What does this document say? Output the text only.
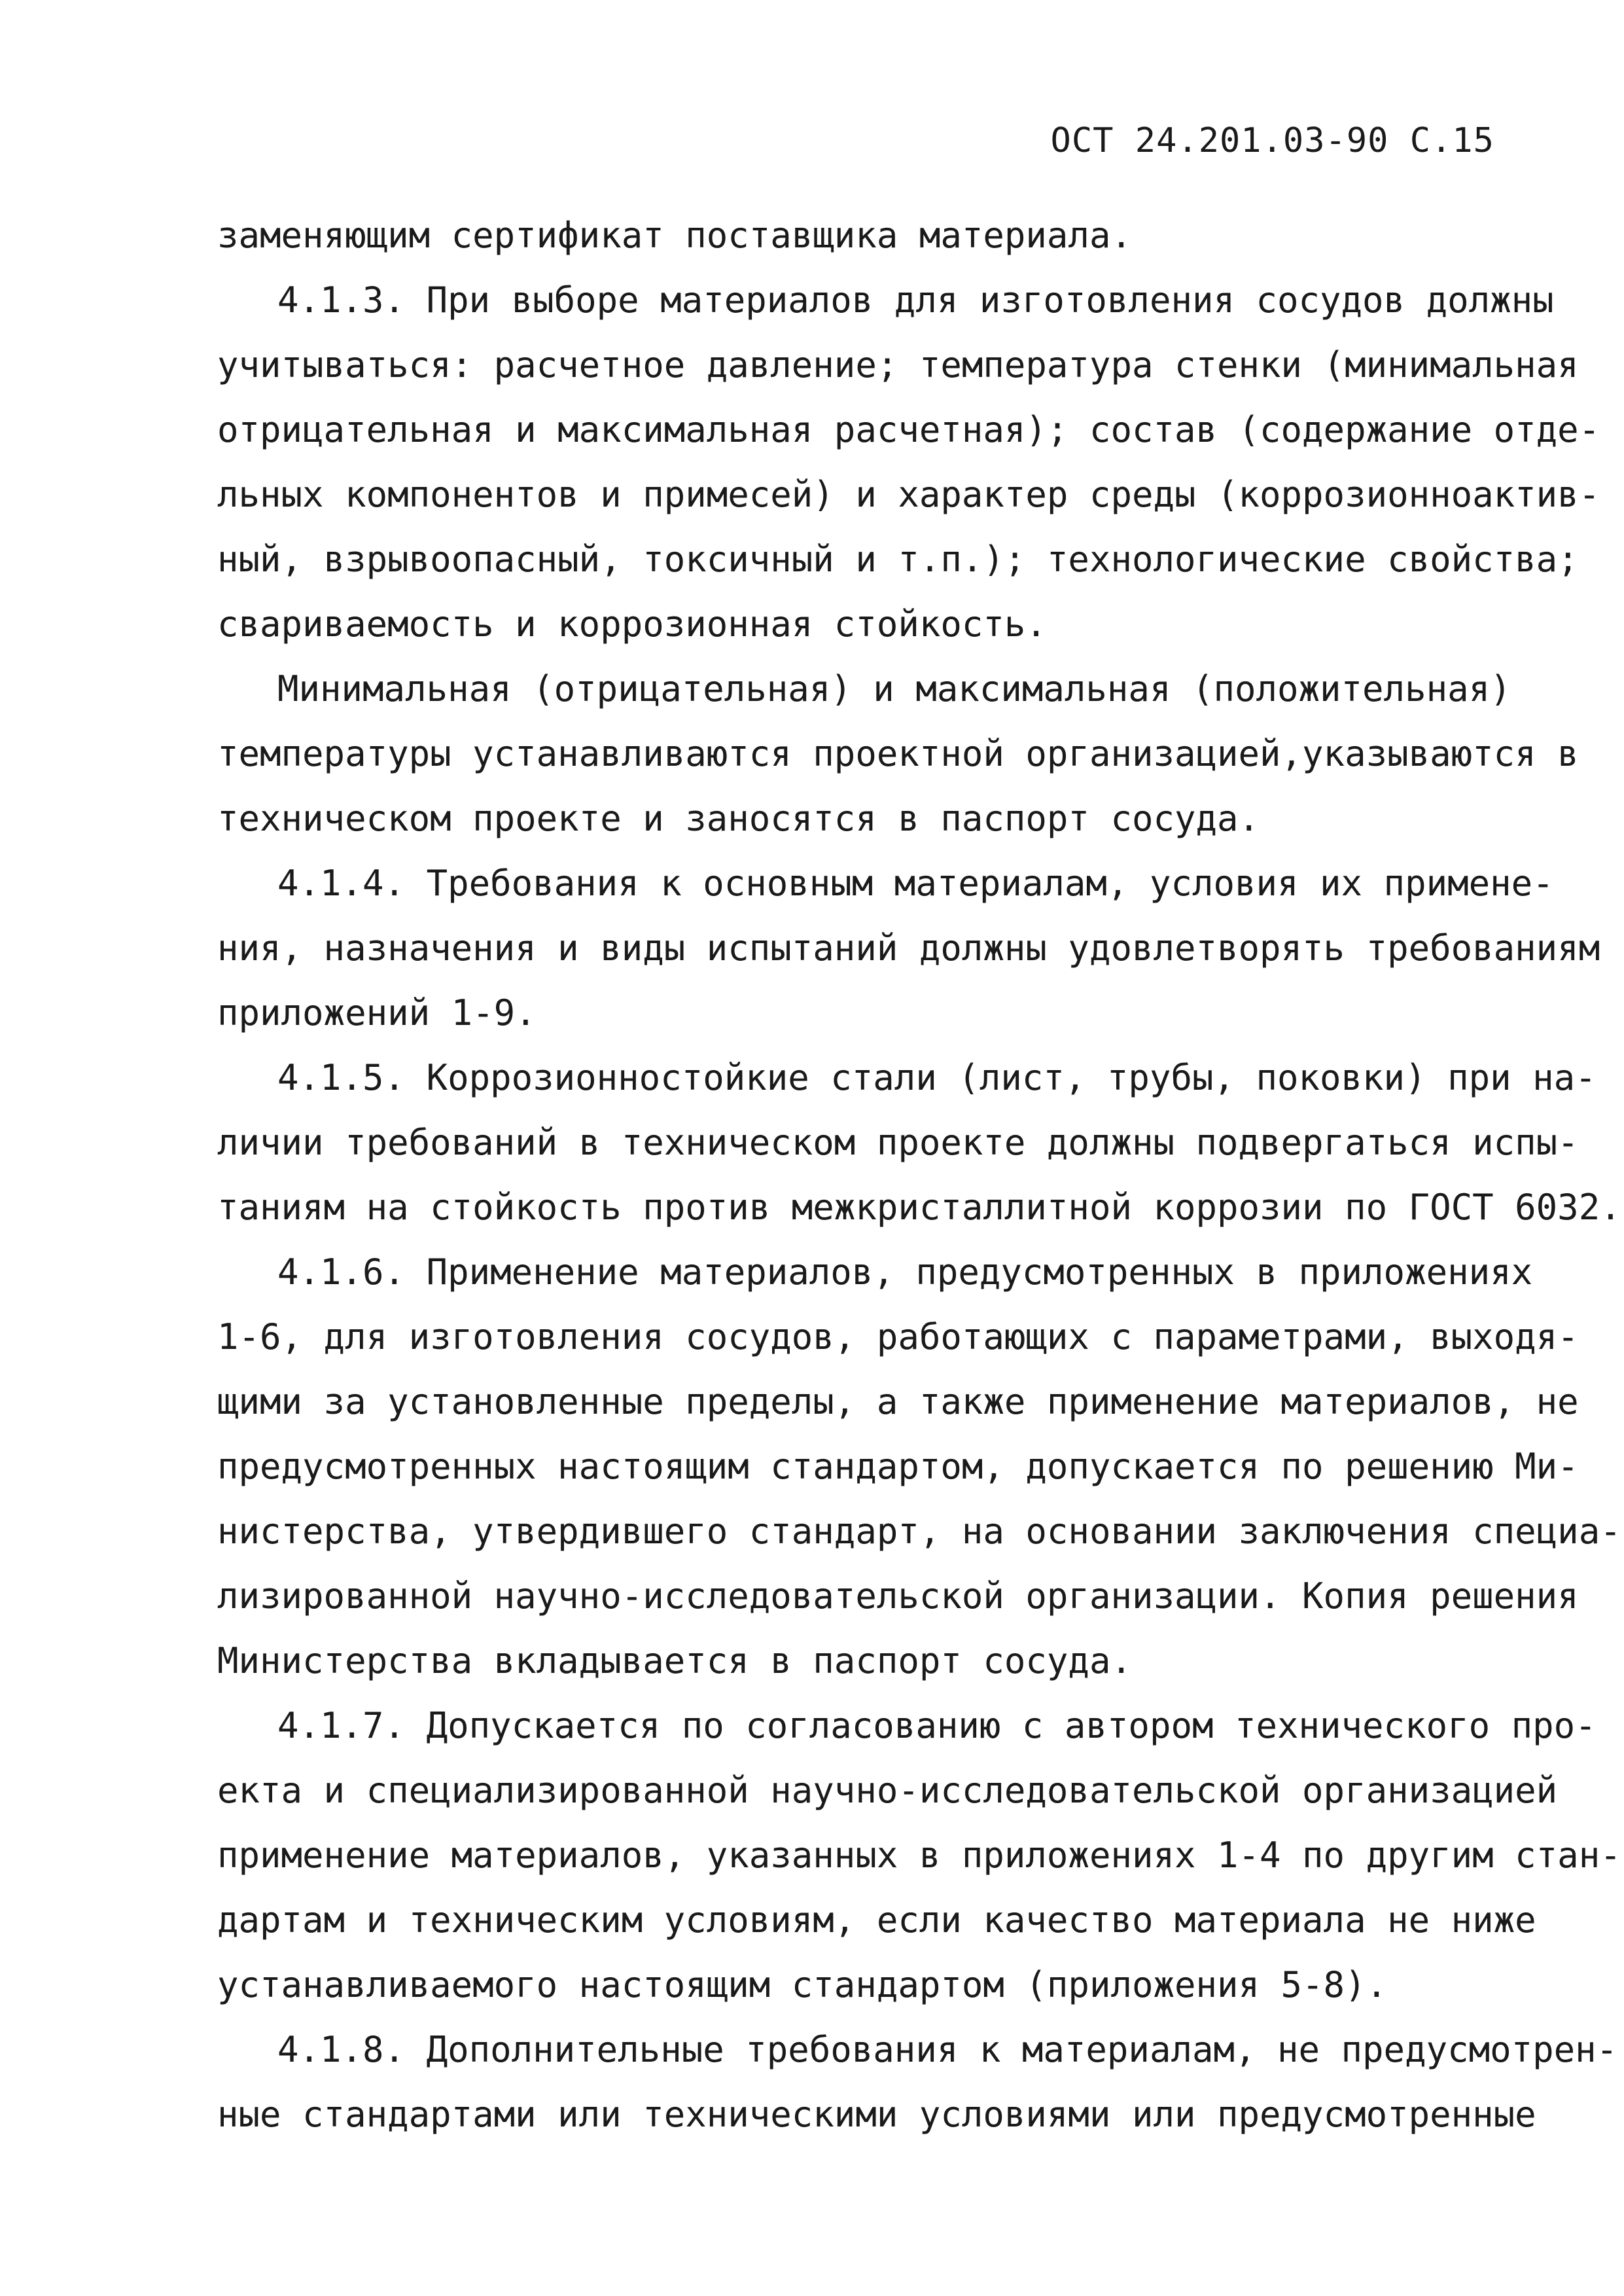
ОСТ 24.201.03-90 С.15
заменяющим сертификат поставщика материала.
4.1.3. При выборе материалов для изготовления сосудов должны
учитываться: расчетное давление; температура стенки (минимальная
отрицательная и максимальная расчетная); состав (содержание отде-
льных компонентов и примесей) и характер среды (коррозионноактив-
ный, взрывоопасный, токсичный и т.п.); технологические свойства;
свариваемость и коррозионная стойкость.
Минимальная (отрицательная) и максимальная (положительная)
температуры устанавливаются проектной организацией,указываются в
техническом проекте и заносятся в паспорт сосуда.
4.1.4. Требования к основным материалам, условия их примене-
ния, назначения и виды испытаний должны удовлетворять требованиям
приложений 1-9.
4.1.5. Коррозионностойкие стали (лист, трубы, поковки) при на-
личии требований в техническом проекте должны подвергаться испы-
таниям на стойкость против межкристаллитной коррозии по ГОСТ 6032.
4.1.6. Применение материалов, предусмотренных в приложениях
1-6, для изготовления сосудов, работающих с параметрами, выходя-
щими за установленные пределы, а также применение материалов, не
предусмотренных настоящим стандартом, допускается по решению Ми-
нистерства, утвердившего стандарт, на основании заключения специа-
лизированной научно-исследовательской организации. Копия решения
Министерства вкладывается в паспорт сосуда.
4.1.7. Допускается по согласованию с автором технического про-
екта и специализированной научно-исследовательской организацией
применение материалов, указанных в приложениях 1-4 по другим стан-
дартам и техническим условиям, если качество материала не ниже
устанавливаемого настоящим стандартом (приложения 5-8).
4.1.8. Дополнительные требования к материалам, не предусмотрен-
ные стандартами или техническими условиями или предусмотренные
